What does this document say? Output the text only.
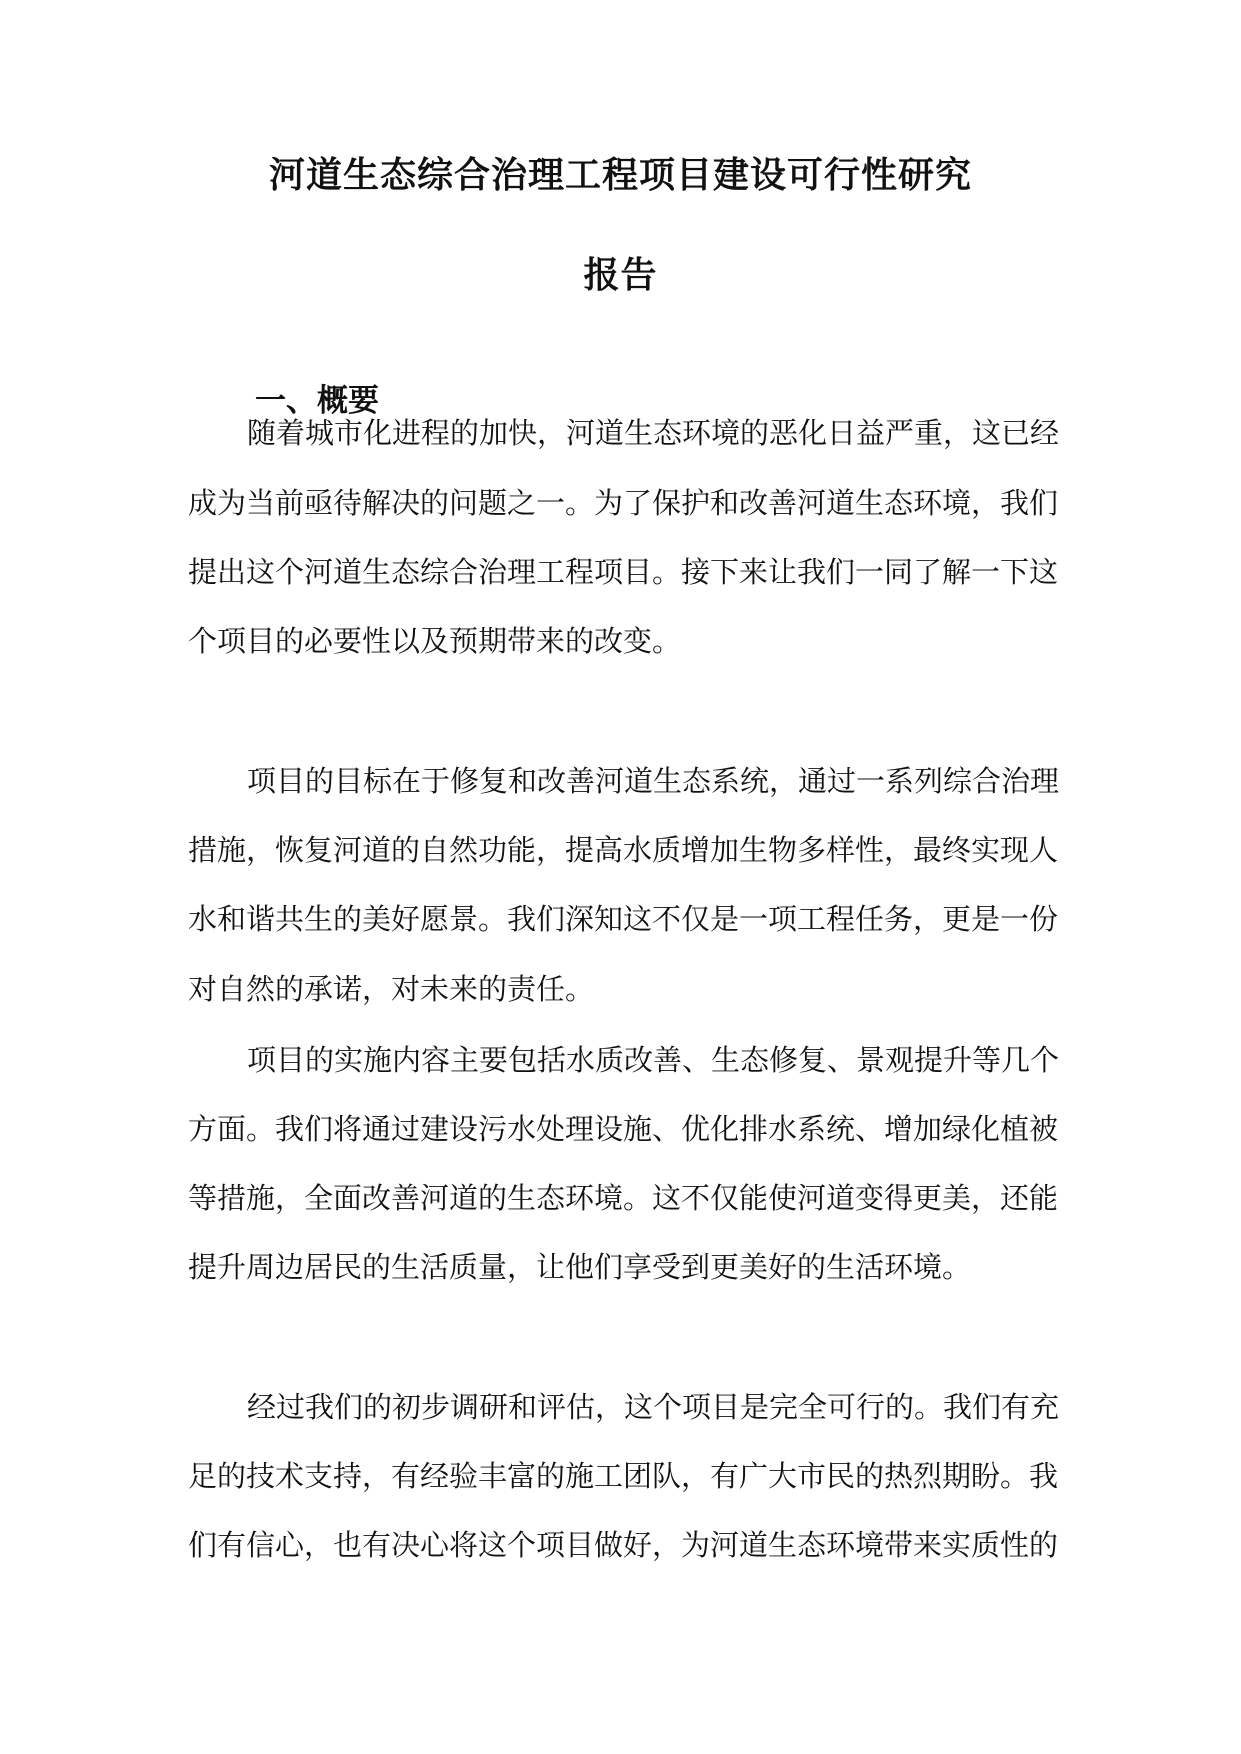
河道生态综合治理工程项目建设可行性研究
报告
一、概要
随着城市化进程的加快，河道生态环境的恶化日益严重，这已经
成为当前亟待解决的问题之一。为了保护和改善河道生态环境，我们
提出这个河道生态综合治理工程项目。接下来让我们一同了解一下这
个项目的必要性以及预期带来的改变。
项目的目标在于修复和改善河道生态系统，通过一系列综合治理
措施，恢复河道的自然功能，提高水质增加生物多样性，最终实现人
水和谐共生的美好愿景。我们深知这不仅是一项工程任务，更是一份
对自然的承诺，对未来的责任。
项目的实施内容主要包括水质改善、生态修复、景观提升等几个
方面。我们将通过建设污水处理设施、优化排水系统、增加绿化植被
等措施，全面改善河道的生态环境。这不仅能使河道变得更美，还能
提升周边居民的生活质量，让他们享受到更美好的生活环境。
经过我们的初步调研和评估，这个项目是完全可行的。我们有充
足的技术支持，有经验丰富的施工团队，有广大市民的热烈期盼。我
们有信心，也有决心将这个项目做好，为河道生态环境带来实质性的
